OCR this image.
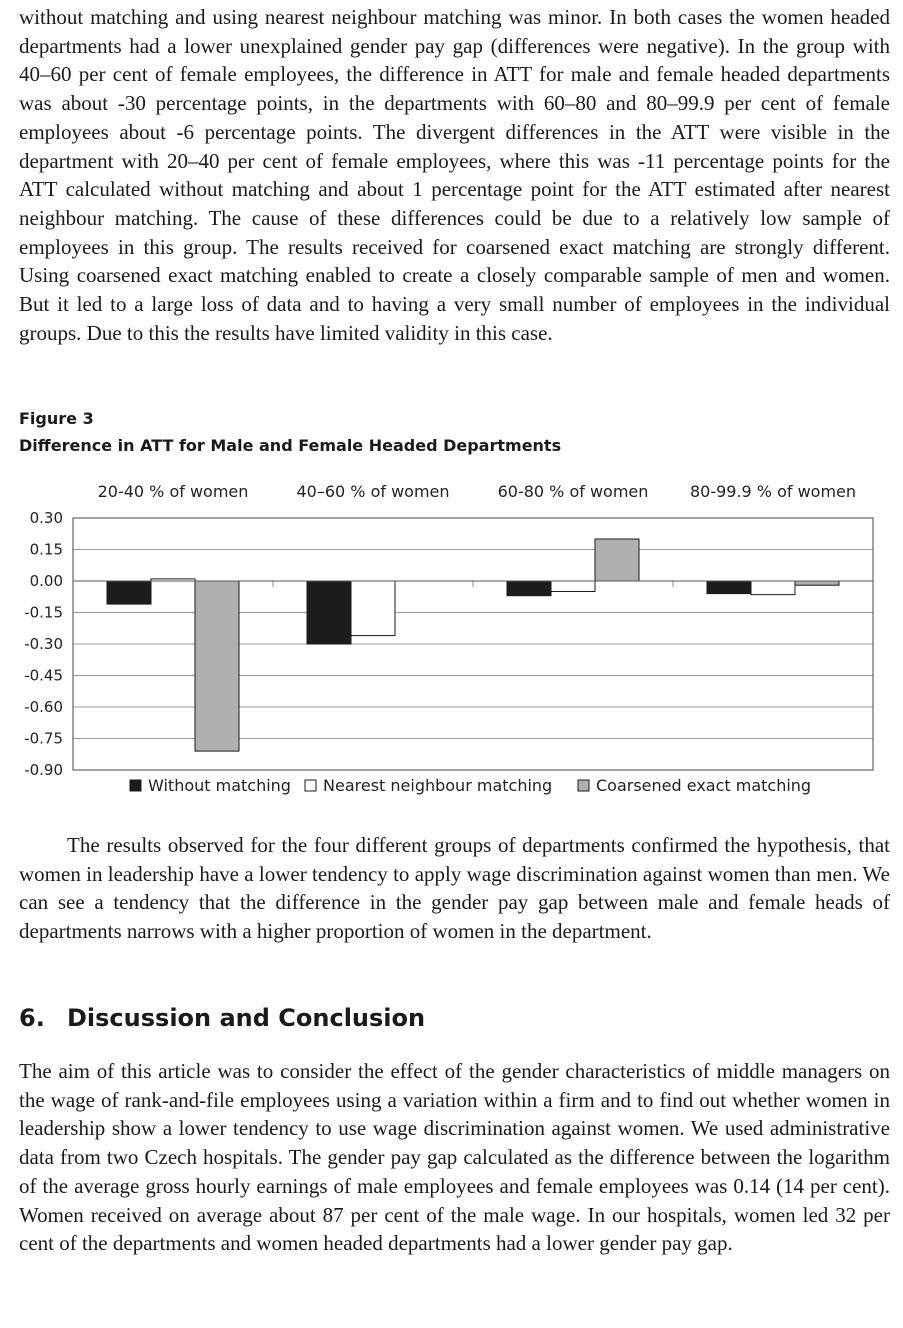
without matching and using nearest neighbour matching was minor. In both cases the women headed departments had a lower unexplained gender pay gap (differences were negative). In the group with 40–60 per cent of female employees, the difference in ATT for male and female headed departments was about -30 percentage points, in the departments with 60–80 and 80–99.9 per cent of female employees about -6 percentage points. The divergent differences in the ATT were visible in the department with 20–40 per cent of female employees, where this was -11 percentage points for the ATT calculated without matching and about 1 percentage point for the ATT estimated after nearest neighbour matching. The cause of these differences could be due to a relatively low sample of employees in this group. The results received for coarsened exact matching are strongly different. Using coarsened exact matching enabled to create a closely comparable sample of men and women. But it led to a large loss of data and to having a very small number of employees in the individual groups. Due to this the results have limited validity in this case.

Figure 3

Difference in ATT for Male and Female Headed Departments

0.30
0.15
0.00
-0.15
-0.30
-0.45
-0.60
-0.75
-0.90
20-40 % of women	40–60 % of women	60-80 % of women	80-99.9 % of women
Without matching Nearest neighbour matching	Coarsened exact matching

The results observed for the four different groups of departments confirmed the hypothesis, that women in leadership have a lower tendency to apply wage discrimination against women than men. We can see a tendency that the difference in the gender pay gap between male and female heads of departments narrows with a higher proportion of women in the department.

6. Discussion and Conclusion

The aim of this article was to consider the effect of the gender characteristics of middle managers on the wage of rank-and-file employees using a variation within a firm and to find out whether women in leadership show a lower tendency to use wage discrimination against women. We used administrative data from two Czech hospitals. The gender pay gap calculated as the difference between the logarithm of the average gross hourly earnings of male employees and female employees was 0.14 (14 per cent). Women received on average about 87 per cent of the male wage. In our hospitals, women led 32 per cent of the departments and women headed departments had a lower gender pay gap.
